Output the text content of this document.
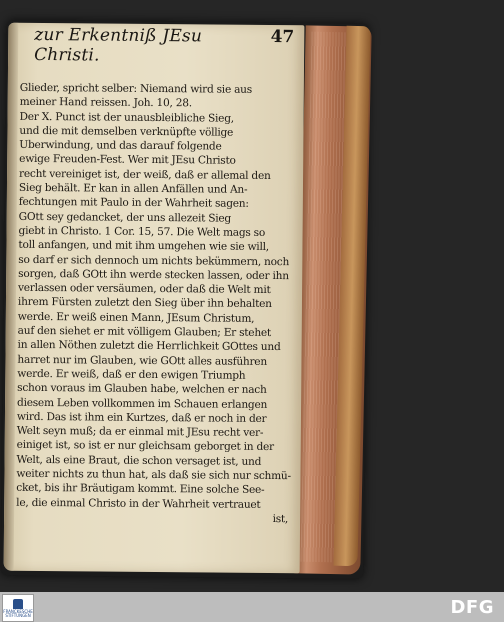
zur Erkentniß JEsu Christi.
47
Glieder, spricht selber: Niemand wird sie aus
meiner Hand reissen. Joh. 10, 28.
Der X. Punct ist der unausbleibliche Sieg,
und die mit demselben verknüpfte völlige
Uberwindung, und das darauf folgende
ewige Freuden-Fest. Wer mit JEsu Christo
recht vereiniget ist, der weiß, daß er allemal den
Sieg behält. Er kan in allen Anfällen und An-
fechtungen mit Paulo in der Wahrheit sagen:
GOtt sey gedancket, der uns allezeit Sieg
giebt in Christo. 1 Cor. 15, 57. Die Welt mags so
toll anfangen, und mit ihm umgehen wie sie will,
so darf er sich dennoch um nichts bekümmern, noch
sorgen, daß GOtt ihn werde stecken lassen, oder ihn
verlassen oder versäumen, oder daß die Welt mit
ihrem Fürsten zuletzt den Sieg über ihn behalten
werde. Er weiß einen Mann, JEsum Christum,
auf den siehet er mit völligem Glauben; Er stehet
in allen Nöthen zuletzt die Herrlichkeit GOttes und
harret nur im Glauben, wie GOtt alles ausführen
werde. Er weiß, daß er den ewigen Triumph
schon voraus im Glauben habe, welchen er nach
diesem Leben vollkommen im Schauen erlangen
wird. Das ist ihm ein Kurtzes, daß er noch in der
Welt seyn muß; da er einmal mit JEsu recht ver-
einiget ist, so ist er nur gleichsam geborget in der
Welt, als eine Braut, die schon versaget ist, und
weiter nichts zu thun hat, als daß sie sich nur schmü-
cket, bis ihr Bräutigam kommt. Eine solche See-
le, die einmal Christo in der Wahrheit vertrauet
ist,
FRANCKESCHE STIFTUNGEN	DFG
